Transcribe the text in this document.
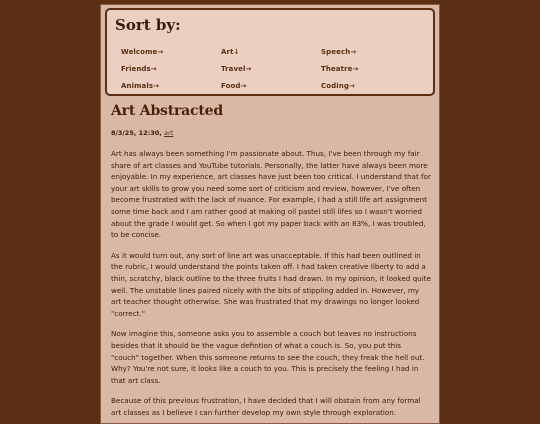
Sort by:
Welcome→	Art↓	Speech→
Friends→	Travel→	Theatre→
Animals→	Food→	Coding→
Art Abstracted

8/3/25, 12:30, art

Art has always been something I'm passionate about. Thus, I've been through my fair share of art classes and YouTube tutorials. Personally, the latter have always been more enjoyable. In my experience, art classes have just been too critical. I understand that for your art skills to grow you need some sort of criticism and review, however, I've often become frustrated with the lack of nuance. For example, I had a still life art assignment some time back and I am rather good at making oil pastel still lifes so I wasn't worried about the grade I would get. So when I got my paper back with an 83%, I was troubled, to be concise.

As it would turn out, any sort of line art was unacceptable. If this had been outlined in the rubric, I would understand the points taken off. I had taken creative liberty to add a thin, scratchy, black outline to the three fruits I had drawn. In my opinion, it looked quite well. The unstable lines paired nicely with the bits of stippling added in. However, my art teacher thought otherwise. She was frustrated that my drawings no longer looked "correct."

Now imagine this, someone asks you to assemble a couch but leaves no instructions besides that it should be the vague defintion of what a couch is. So, you put this "couch" together. When this someone returns to see the couch, they freak the hell out. Why? You're not sure, it looks like a couch to you. This is precisely the feeling I had in that art class.

Because of this previous frustration, I have decided that I will obstain from any formal art classes as I believe I can further develop my own style through exploration.
